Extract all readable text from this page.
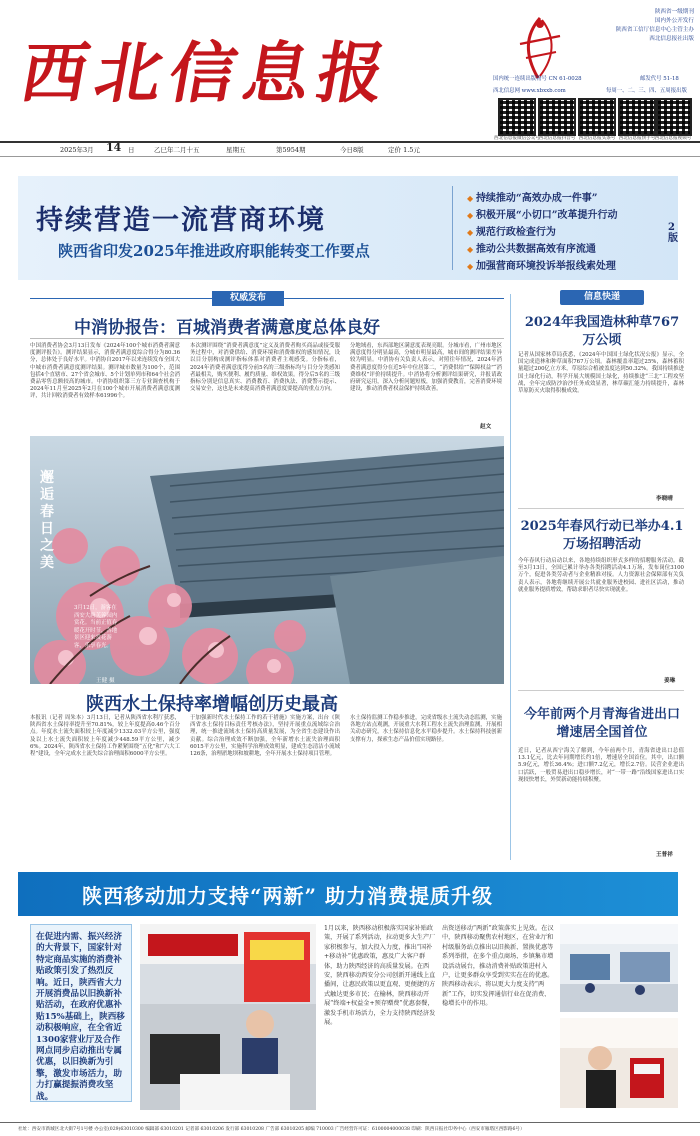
西北信息报
陕西省一级期刊
国内外公开发行
陕西省工信厅信息中心主管主办
西北信息报社出版
国内统一连续出版物号 CN 61-0028	邮发代号 51-18
西北信息网 www.xbxxb.com	每周一、二、三、四、五周报出版
西北信息报微信公众号
西北信息报抖音号 西北信息报头条号 西北信息报快手号 西北信息报视频号
2025年3月 14 日	乙巳年二月十五	星期五	第5954期	今日8版	定价 1.5元
持续营造一流营商环境
陕西省印发2025年推进政府职能转变工作要点
◆ 持续推动“高效办成一件事”
◆ 积极开展“小切口”改革提升行动
◆ 规范行政检查行为
◆ 推动公共数据高效有序流通
◆ 加强营商环境投诉举报线索处理
2版
权威发布
中消协报告：百城消费者满意度总体良好
中国消费者协会3月13日发布《2024年100个城市消费者满意度测评报告》。测评结果显示，消费者满意度综合得分为80.36分，总体处于良好水平。中消协自2017年以来连续发布全国大中城市消费者满意度测评结果。测评城市数量为100个，范围包括4个直辖市、27个省会城市、5个计划单列市和64个社会消费品零售总额较高的城市。中消协组织第三方专业调查机构于2024年11月至2025年2月在100个城市开展消费者满意度测评，共计回收消费者有效样本61996个。
本次测评围绕“消费者满意度”定义及消费者购买商品或接受服务过程中，对消费供给、消费环境和消费维权的感知情况，设以目分别构成测评指标体系对消费者主观感受。分指标看，2024年消费者满意度得分前5名的三级指标均与目分分类感知者最相关，购买便利、履约质量、维权效果。得分后5名的三级指标分别是信息真实、消费教育、消费执法、消费警示提示、交易安全，这也是未来提高消费者满意度要提高的重点方向。
分地域看，东西部地区满意度表现亮眼。分城市看，广州市地区满意度得分明显最高，分城市明显最高，城市间的测评结果差异较为明显。中消协有关负责人表示，对照往年情况，2024年消费者满意度得分在近5年中位居第二，“消费供给”“保障权益”“消费维权”评价持续提升。中消协将分析测评结果研究，并报请政府研究运用，深入分析问题短板，加强消费教育，完善消费环境建设，推动消费者权益保护持续改善。
赵文
邂逅春日之美
3月12日，游客在西安大唐芙蓉园内赏花。当前正值春暖花开时节，各地景区迎来赏花游客，乐享春光。
王健 摄
陕西水土保持率增幅创历史最高
本报讯（记者 周朱本）3月13日，记者从陕西省水利厅获悉，陕西省水土保持率提升至70.81%，较上年度提高0.46个百分点。年度水土流失面积较上年度减少1332.03平方公里，强度及以上水土流失面积较上年度减少448.59平方公里，减少6%。2024年，陕西省水土保持工作紧紧围绕“五化”和“六大工程”建设，全年完成水土流失综合治理面积6000平方公里。
于加强新时代水土保持工作的若干措施》实施方案，出台《陕西省水土保持目标责任考核办法》，坚持开展重点流域综合治理，统一推进流域水土保持高质量发展，为全省生态建设作出贡献。综合治理成效不断加强，全年新增水土流失治理面积6015平方公里，实施科学治理成效明显，建成生态清洁小流域126条，治理淤地坝和坡耕地，全年开展水土保持项目管理。
水土保持监测工作稳步推进，完成省级水土流失动态监测，实施各地方站点观测，开展重大水利工程水土流失治理监测，开展相关动态研究，水土保持信息化水平稳步提升。水土保持科技创新支撑有力，探索生态产品价值实现路径。
信息快递
2024年我国造林种草767万公顷
记者从国家林草局获悉，《2024年中国国土绿化状况公报》显示，全国完成造林和种草面积767万公顷。森林覆盖率超过25%，森林蓄积量超过200亿立方米，草原综合植被盖度达到50.32%。我国持续推进国土绿化行动，科学开展大规模国土绿化，持续推进“三北”工程攻坚战，全年完成防沙治沙任务成效显著，林草碳汇能力持续提升，森林草原防灭火取得积极成效。
李晓晴
2025年春风行动已举办4.1万场招聘活动
今年春风行动启动以来，各地持续组织形式多样的招聘服务活动。截至3月13日，全国已累计举办各类招聘活动4.1万场，发布岗位3100万个，促进各类劳动者与企业精准对接。人力资源社会保障部有关负责人表示，各地将继续开展公共就业服务进校园、进社区活动，推动就业服务提质增效，帮助求职者尽快实现就业。
姜琳
今年前两个月青海省进出口增速居全国首位
近日，记者从西宁海关了解到，今年前两个月，青海省进出口总值13.1亿元，比去年同期增长约1倍，增速居全国首位。其中，出口额5.9亿元，增长36.4%；进口额7.2亿元，增长2.7倍。民营企业进出口活跃，一般贸易进出口稳步增长，对“一带一路”沿线国家进出口实现较快增长，外贸新动能持续积聚。
王普祥
陕西移动加力支持“两新” 助力消费提质升级
在促进内需、振兴经济的大背景下，国家针对特定商品实施的消费补贴政策引发了热烈反响。近日，陕西省大力开展消费品以旧换新补贴活动，在政府优惠补贴15%基础上，陕西移动积极响应，在全省近1300家营业厅及合作网点同步启动推出专属优惠，以旧换新为引擎，激发市场活力，助力打赢提振消费攻坚战。
1月以来，陕西移动积极落实国家补贴政策，开展了系列活动，拉动更多大生产厂家积极参与，加大投入力度，推出“国补+移动补”优惠政策，惠及广大客户群体，助力陕西经济的高质量发展。在西安，陕西移动西安分公司创新开通线上直播间，让惠民政策以更直观、更便捷的方式触达更多市民；在榆林，陕西移动开展“终端+权益金+预存赠费”优惠套餐，激发手机市场活力，全力支持陕西经济发展。
出资送移动“两新”政策落实上见效。在汉中，陕西移动聚焦农村地区，在营业厅和村级服务站点推出以旧换新、置换优惠等系列举措，在多个重点商场、乡镇集市增设活动展台，推动消费补贴政策进村入户，让更多群众享受到实实在在的优惠。陕西移动表示，将以更大力度支持“两新”工作，切实发挥通信行业在促消费、稳增长中的作用。
社址：西安市新城区北大街7号1号楼 办公室(029)63010300 编辑部 63010201 记者部 63010206 发行部 63010208 广告部 63010205 邮编 710003 广告经营许可证：6100004000038 印刷：陕西日报社印务中心（西安市雁塔区西影路6号）
